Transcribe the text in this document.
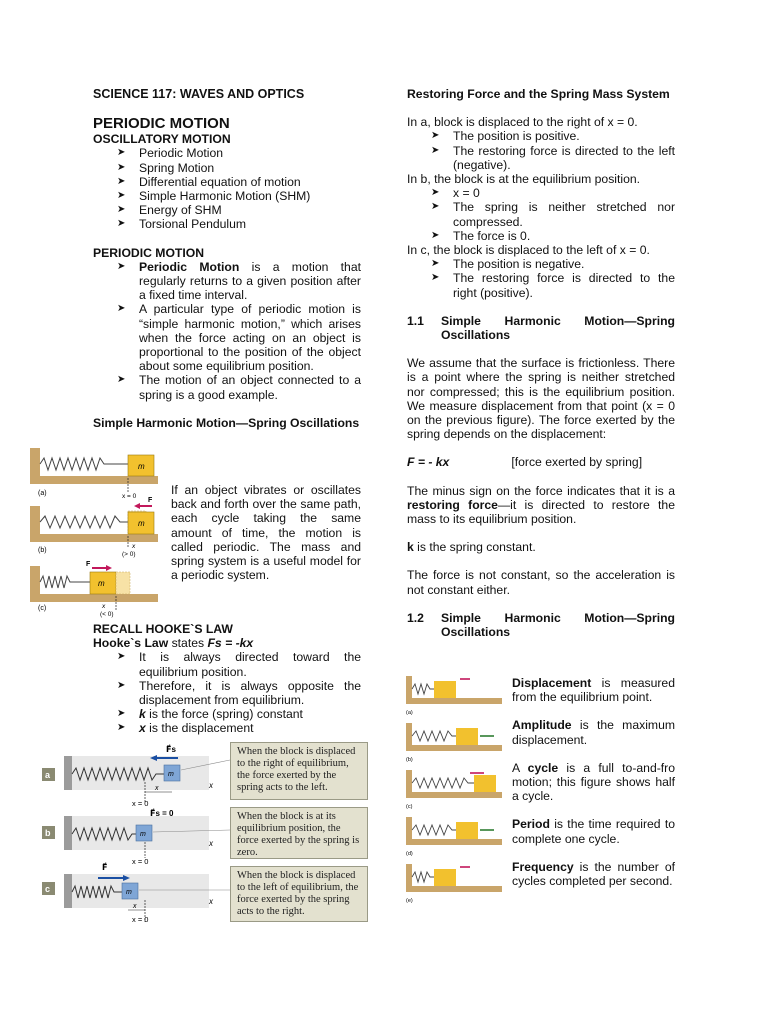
SCIENCE 117: WAVES AND OPTICS

PERIODIC MOTION
OSCILLATORY MOTION
➤ Periodic Motion
➤ Spring Motion
➤ Differential equation of motion
➤ Simple Harmonic Motion (SHM)
➤ Energy of SHM
➤ Torsional Pendulum
PERIODIC MOTION
➤ Periodic Motion is a motion that regularly returns to a given position after a fixed time interval.
➤ A particular type of periodic motion is “simple harmonic motion,” which arises when the force acting on an object is proportional to the position of the object about some equilibrium position.
➤ The motion of an object connected to a spring is a good example.
Simple Harmonic Motion—Spring Oscillations
m
x = 0
(a)
F
m
x
(> 0)
(b)
m
F
x
(< 0)
(c)
If an object vibrates or oscillates back and forth over the same path, each cycle taking the same amount of time, the motion is called periodic. The mass and spring system is a useful model for a periodic system.
RECALL HOOKE`S LAW

Hooke`s Law states Fs = -kx

➤ It is always directed toward the equilibrium position.
➤ Therefore, it is always opposite the displacement from equilibrium.
➤ k is the force (spring) constant
➤ x is the displacement
a
b
c
m
F⃗s
x
x = 0
x
m
F⃗s = 0
x = 0
x
m
F⃗
x
x = 0
x
When the block is displaced to the right of equilibrium, the force exerted by the spring acts to the left.
When the block is at its equilibrium position, the force exerted by the spring is zero.
When the block is displaced to the left of equilibrium, the force exerted by the spring acts to the right.
Restoring Force and the Spring Mass System

In a, block is displaced to the right of x = 0.

➤ The position is positive.
➤ The restoring force is directed to the left (negative).

In b, the block is at the equilibrium position.

➤ x = 0
➤ The spring is neither stretched nor compressed.
➤ The force is 0.

In c, the block is displaced to the left of x = 0.

➤ The position is negative.
➤ The restoring force is directed to the right (positive).
1.1	Simple Harmonic Motion—Spring Oscillations

We assume that the surface is frictionless. There is a point where the spring is neither stretched nor compressed; this is the equilibrium position. We measure displacement from that point (x = 0 on the previous figure). The force exerted by the spring depends on the displacement:

F = - kx	[force exerted by spring]

The minus sign on the force indicates that it is a restoring force—it is directed to restore the mass to its equilibrium position.

k is the spring constant.

The force is not constant, so the acceleration is not constant either.

1.2	Simple Harmonic Motion—Spring Oscillations
(a)
(b)
(c)
(d)
(e)

Displacement is measured from the equilibrium point.

Amplitude is the maximum displacement.

A cycle is a full to-and-fro motion; this figure shows half a cycle.

Period is the time required to complete one cycle.

Frequency is the number of cycles completed per second.
